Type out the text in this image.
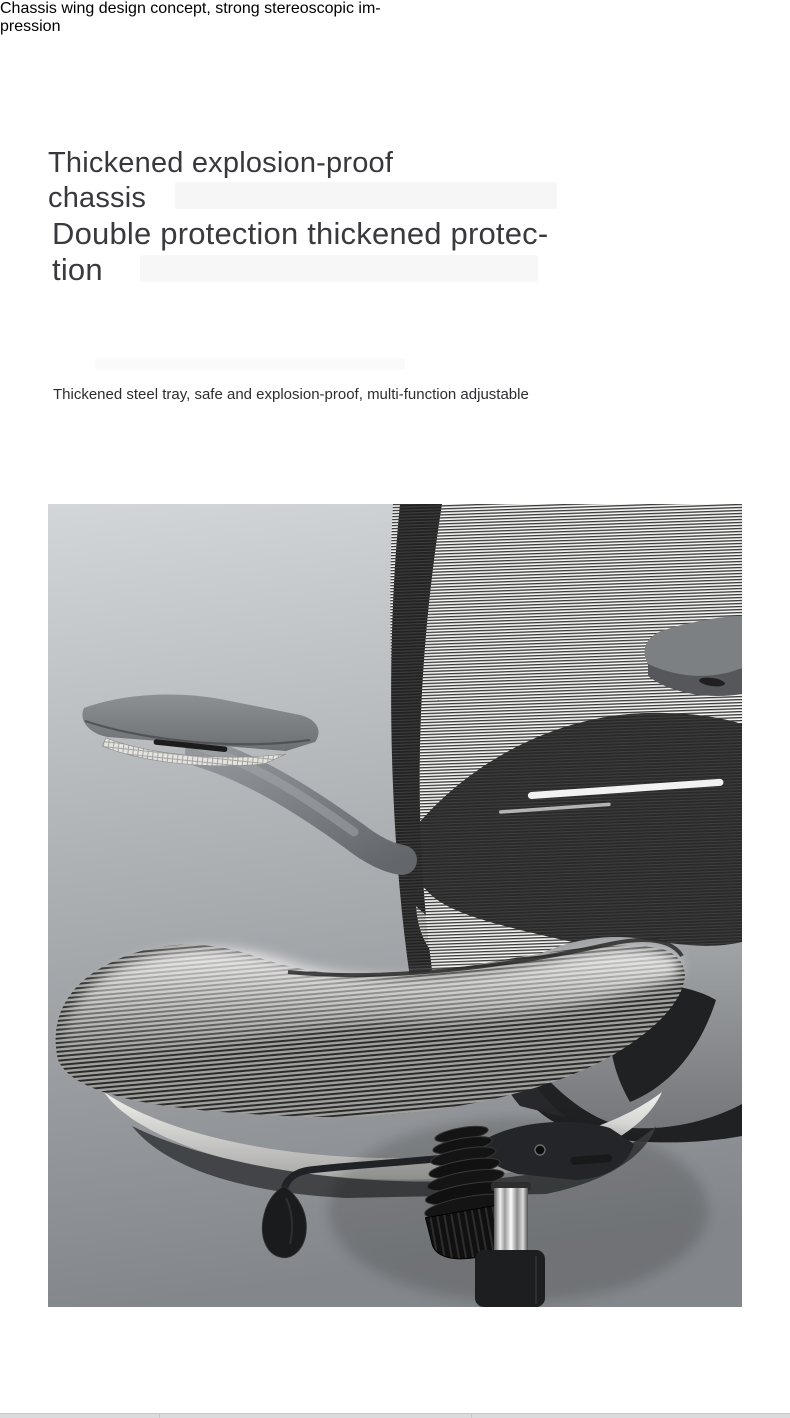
Thickened explosion-proof
chassis
Double protection thickened protec-
tion

Chassis wing design concept, strong stereoscopic im-
pression

Thickened steel tray, safe and explosion-proof, multi-function adjustable
